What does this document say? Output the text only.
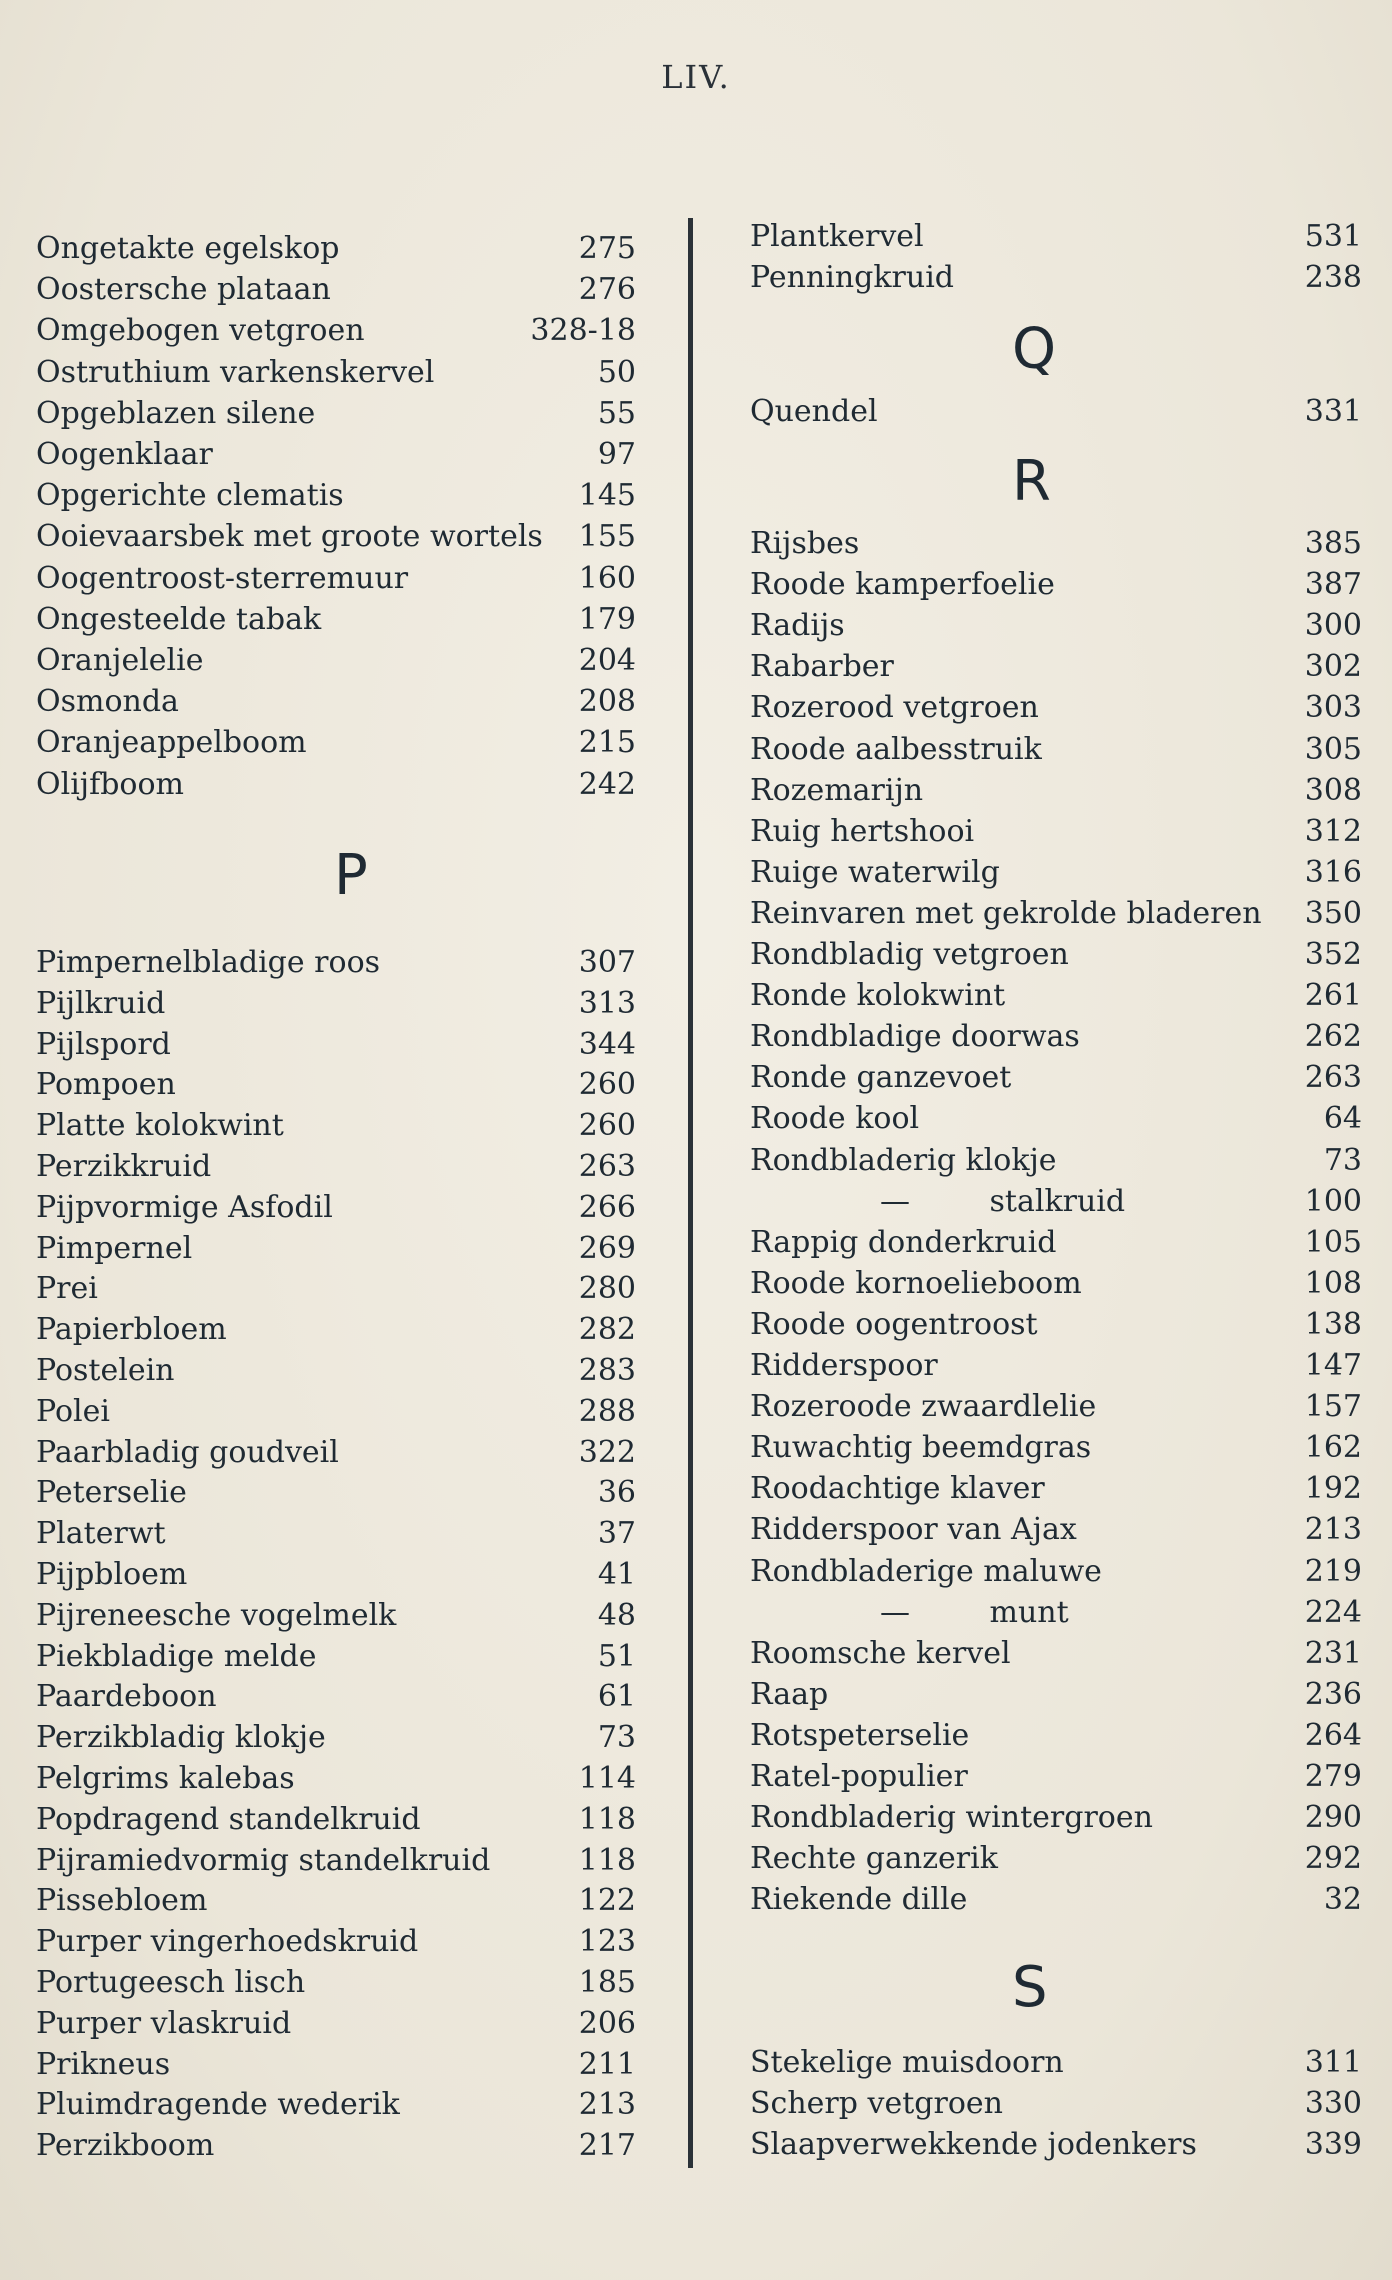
LIV.
Ongetakte egelskop	275
Oostersche plataan	276
Omgebogen vetgroen	328-18
Ostruthium varkenskervel	50
Opgeblazen silene	55
Oogenklaar	97
Opgerichte clematis	145
Ooievaarsbek met groote wortels 155
Oogentroost-sterremuur	160
Ongesteelde tabak	179
Oranjelelie	204
Osmonda	208
Oranjeappelboom	215
Olijfboom	242
P
Pimpernelbladige roos	307
Pijlkruid	313
Pijlspord	344
Pompoen	260
Platte kolokwint	260
Perzikkruid	263
Pijpvormige Asfodil	266
Pimpernel	269
Prei	280
Papierbloem	282
Postelein	283
Polei	288
Paarbladig goudveil	322
Peterselie	36
Platerwt	37
Pijpbloem	41
Pijreneesche vogelmelk	48
Piekbladige melde	51
Paardeboon	61
Perzikbladig klokje	73
Pelgrims kalebas	114
Popdragend standelkruid	118
Pijramiedvormig standelkruid	118
Pissebloem	122
Purper vingerhoedskruid	123
Portugeesch lisch	185
Purper vlaskruid	206
Prikneus	211
Pluimdragende wederik	213
Perzikboom	217
Plantkervel	531
Penningkruid	238
Q
Quendel	331
R
Rijsbes	385
Roode kamperfoelie	387
Radijs	300
Rabarber	302
Rozerood vetgroen	303
Roode aalbesstruik	305
Rozemarijn	308
Ruig hertshooi	312
Ruige waterwilg	316
Reinvaren met gekrolde bladeren 350
Rondbladig vetgroen	352
Ronde kolokwint	261
Rondbladige doorwas	262
Ronde ganzevoet	263
Roode kool	64
Rondbladerig klokje	73
— stalkruid	100
Rappig donderkruid	105
Roode kornoelieboom	108
Roode oogentroost	138
Ridderspoor	147
Rozeroode zwaardlelie	157
Ruwachtig beemdgras	162
Roodachtige klaver	192
Ridderspoor van Ajax	213
Rondbladerige maluwe	219
— munt	224
Roomsche kervel	231
Raap	236
Rotspeterselie	264
Ratel-populier	279
Rondbladerig wintergroen	290
Rechte ganzerik	292
Riekende dille	32
S
Stekelige muisdoorn	311
Scherp vetgroen	330
Slaapverwekkende jodenkers	339
